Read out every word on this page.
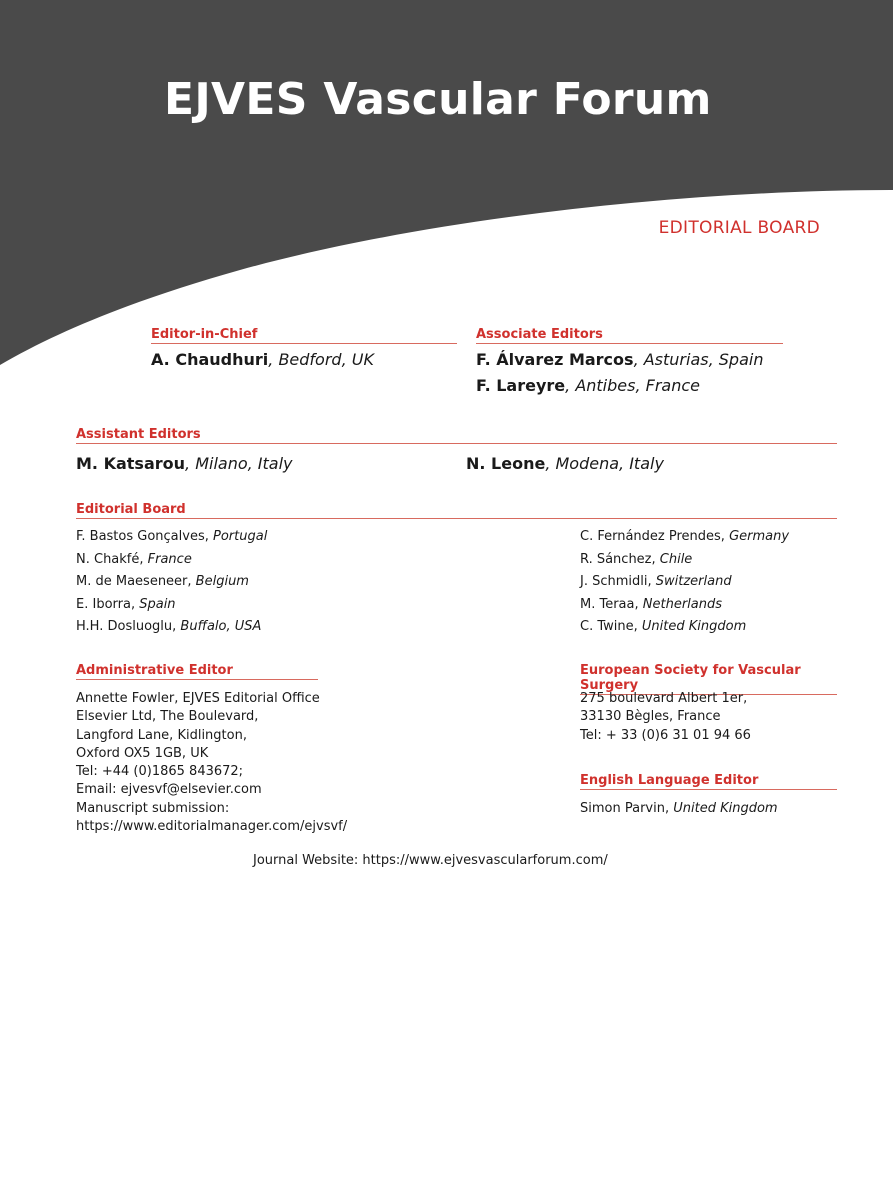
EJVES Vascular Forum
EDITORIAL BOARD
Editor-in-Chief
A. Chaudhuri, Bedford, UK
Associate Editors
F. Álvarez Marcos, Asturias, Spain
F. Lareyre, Antibes, France
Assistant Editors
M. Katsarou, Milano, Italy	N. Leone, Modena, Italy
Editorial Board
F. Bastos Gonçalves, Portugal
N. Chakfé, France
M. de Maeseneer, Belgium
E. Iborra, Spain
H.H. Dosluoglu, Buffalo, USA
C. Fernández Prendes, Germany
R. Sánchez, Chile
J. Schmidli, Switzerland
M. Teraa, Netherlands
C. Twine, United Kingdom
Administrative Editor
Annette Fowler, EJVES Editorial Office
Elsevier Ltd, The Boulevard,
Langford Lane, Kidlington,
Oxford OX5 1GB, UK
Tel: +44 (0)1865 843672;
Email: ejvesvf@elsevier.com
Manuscript submission:
https://www.editorialmanager.com/ejvsvf/
European Society for Vascular Surgery
275 boulevard Albert 1er,
33130 Bègles, France
Tel: + 33 (0)6 31 01 94 66
English Language Editor
Simon Parvin, United Kingdom
Journal Website: https://www.ejvesvascularforum.com/
